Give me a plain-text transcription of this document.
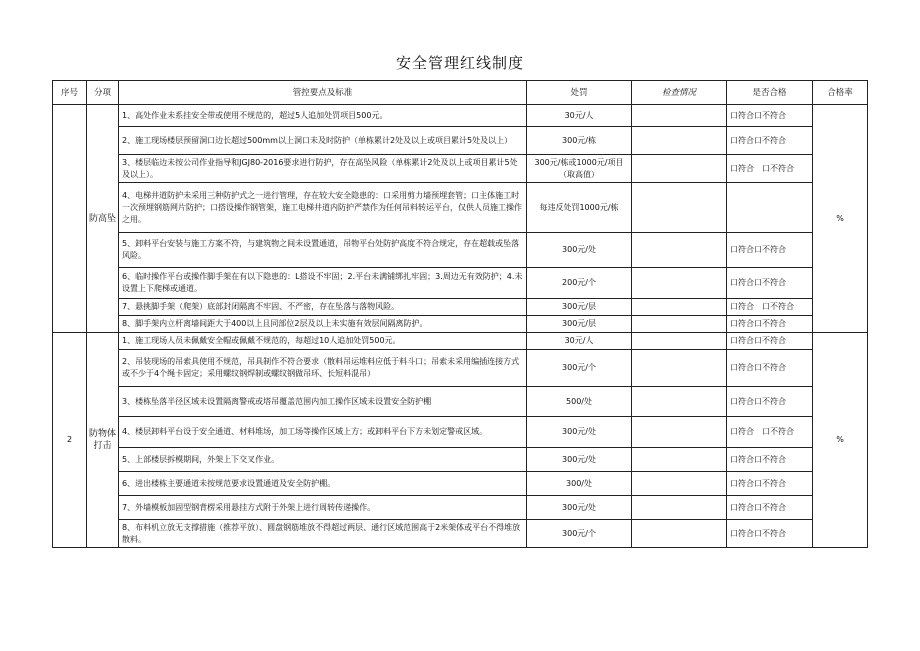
安全管理红线制度
序号	分项	管控要点及标准	处罚	检查情况	是否合格	合格率
	防高坠	1、高处作业未系挂安全带或使用不规范的，超过5人追加处罚项目500元。	30元/人		口符合口不符合	%
		2、施工现场楼层预留洞口边长超过500mm以上洞口未及时防护（单栋累计2处及以上或项目累计5处及以上）	300元/栋		口符合口不符合	
		3、楼层临边未按公司作业指导和JGJ80-2016要求进行防护，存在高坠风险（单栋累计2处及以上或项目累计5处及以上）。	300元/栋或1000元/项目（取高值）		口符合　口不符合	
		4、电梯井道防护未采用三种防护式之一进行管理，存在较大安全隐患的：口采用剪力墙预埋套管；口主体施工时一次预埋钢筋网片防护；口搭设操作钢管架，施工电梯井道内防护严禁作为任何吊料转运平台，仅供人员施工操作之用。	每违反处罚1000元/栋			
		5、卸料平台安装与施工方案不符，与建筑物之间未设置通道，吊物平台处防护高度不符合规定，存在超载或坠落风险。	300元/处		口符合口不符合	
		6、临时操作平台或操作脚手架在有以下隐患的：L搭设不牢固；2.平台未满铺绑扎牢固；3.周边无有效防护；4.未设置上下爬梯或通道。	200元/个		口符合口不符合	
		7、悬挑脚手架（爬架）底部封闭隔离不牢固、不严密，存在坠落与落物风险。	300元/层		口符合　口不符合	
		8、脚手架内立杆离墙间距大于400以上且同部位2层及以上未实施有效层间隔离防护。	300元/层		口符合口不符合	
2	防物体打击	1、施工现场人员未佩戴安全帽或佩戴不规范的，每超过10人追加处罚500元。	30元/人		口符合口不符合	%
		2、吊装现场的吊索具使用不规范，吊具制作不符合要求（散料吊运堆料应低于料斗口；吊索未采用编插连接方式或不少于4个绳卡固定；采用螺纹钢焊制或螺纹钢做吊环、长短料混吊）	300元/个		口符合口不符合	
		3、楼栋坠落半径区域未设置隔离警戒或塔吊覆盖范围内加工操作区域未设置安全防护棚	500/处		口符合口不符合	
		4、楼层卸料平台设于安全通道、材料堆场，加工场等操作区域上方；或卸料平台下方未划定警戒区域。	300元/处		口符合　口不符合	
		5、上部楼层拆模期间，外架上下交叉作业。	300元/处		口符合口不符合	
		6、进出楼栋主要通道未按规范要求设置通道及安全防护棚。	300/处		口符合口不符合	
		7、外墙模板加固型钢背楞采用悬挂方式附于外架上进行周转传递操作。	300元/处		口符合口不符合	
		8、布料机立放无支撑措施（推荐平放）、圆盘钢筋堆放不得超过两层、通行区域范围高于2米架体或平台不得堆放散料。	300元/个		口符合口不符合	
